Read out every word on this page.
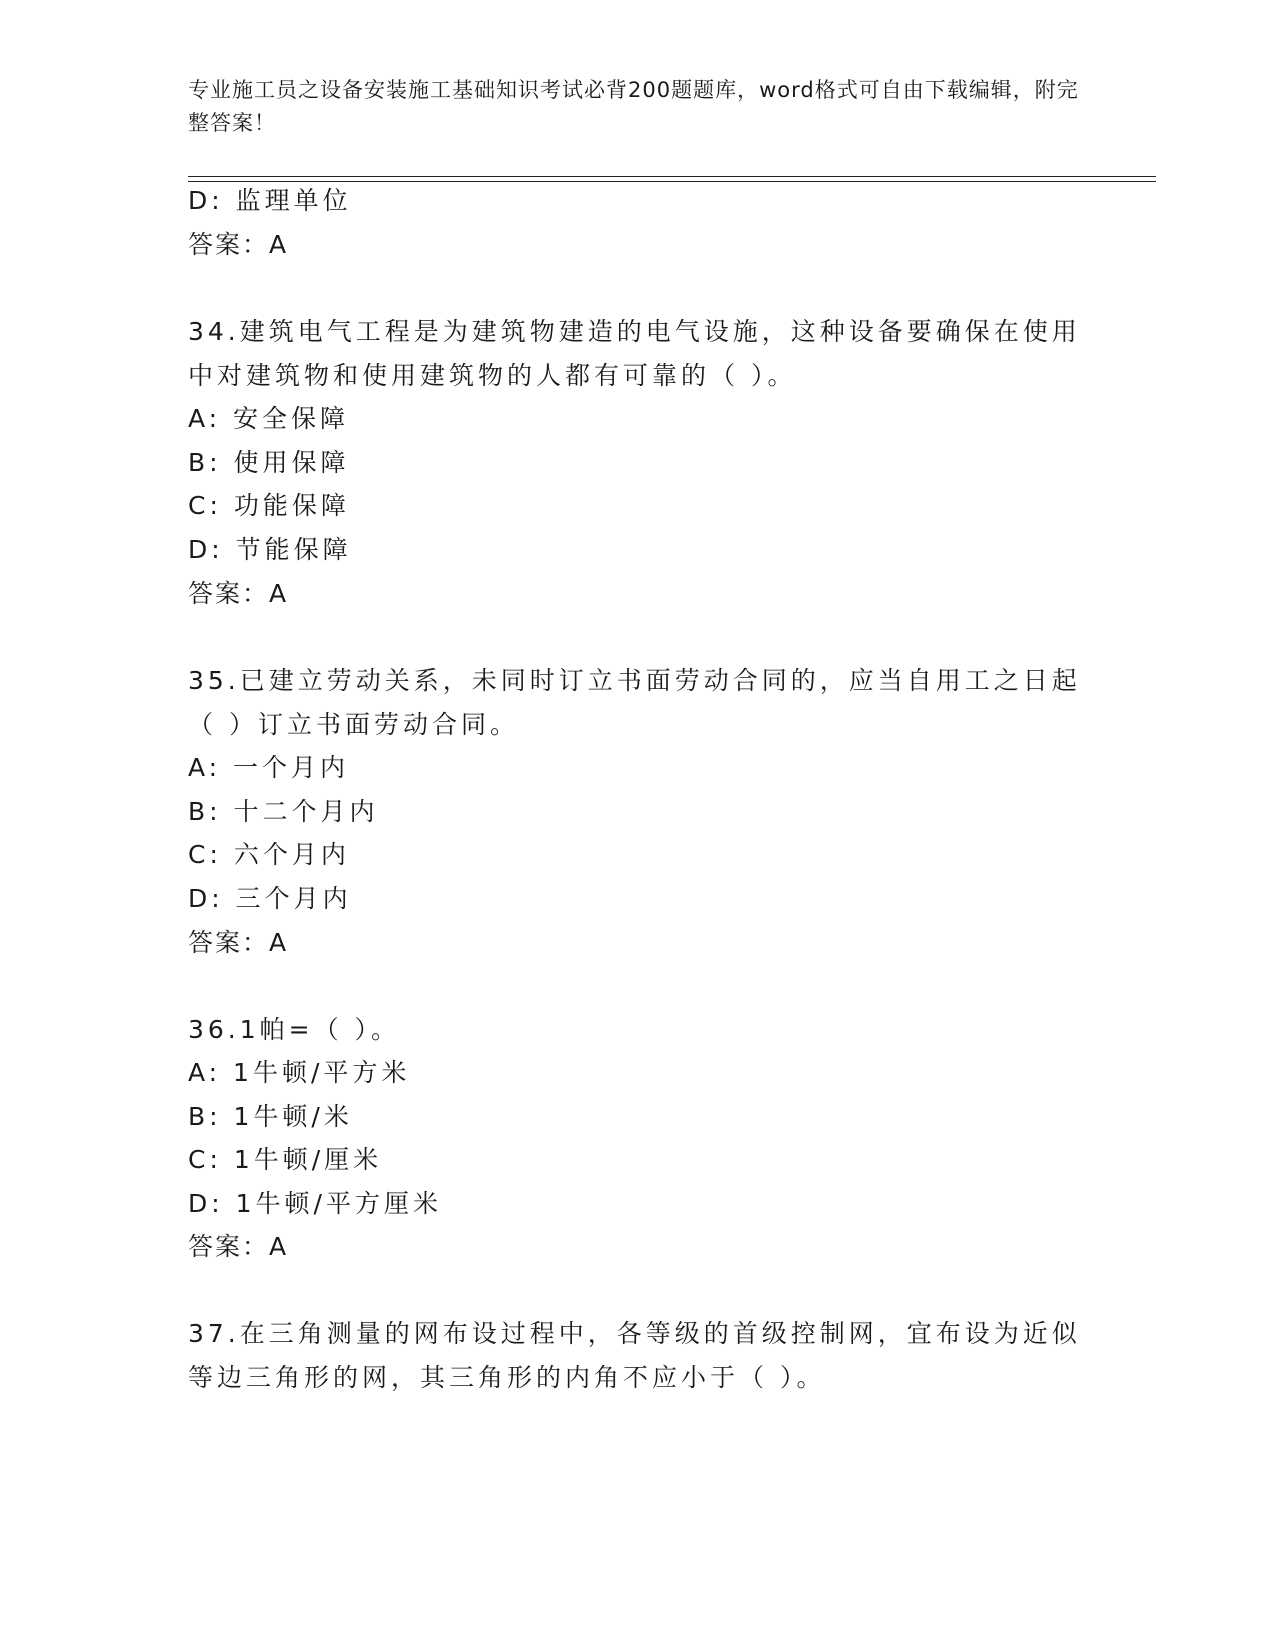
专业施工员之设备安装施工基础知识考试必背200题题库，word格式可自由下载编辑，附完整答案！
D: 监理单位
答案：A
34.建筑电气工程是为建筑物建造的电气设施，这种设备要确保在使用
中对建筑物和使用建筑物的人都有可靠的（ ）。
A: 安全保障
B: 使用保障
C: 功能保障
D: 节能保障
答案：A
35.已建立劳动关系，未同时订立书面劳动合同的，应当自用工之日起
（ ）订立书面劳动合同。
A: 一个月内
B: 十二个月内
C: 六个月内
D: 三个月内
答案：A
36.1帕=（ ）。
A: 1牛顿/平方米
B: 1牛顿/米
C: 1牛顿/厘米
D: 1牛顿/平方厘米
答案：A
37.在三角测量的网布设过程中，各等级的首级控制网，宜布设为近似
等边三角形的网，其三角形的内角不应小于（ ）。
